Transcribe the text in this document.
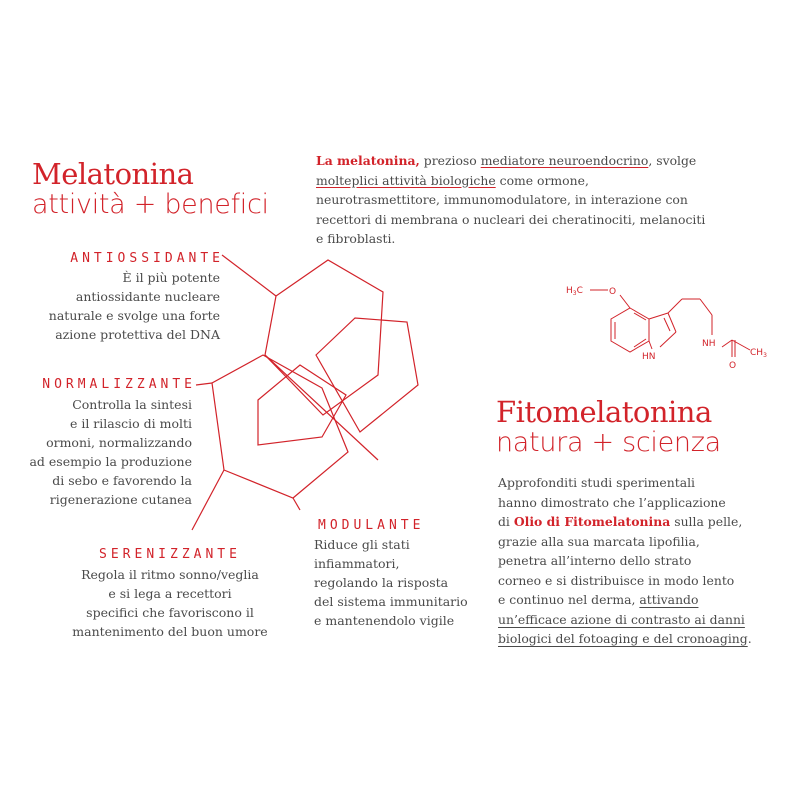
Melatonina
attività + benefici
La melatonina, prezioso mediatore neuroendocrino, svolge molteplici attività biologiche come ormone, neurotrasmettitore, immunomodulatore, in interazione con recettori di membrana o nucleari dei cheratinociti, melanociti e fibroblasti.
ANTIOSSIDANTE
È il più potente
antiossidante nucleare
naturale e svolge una forte
azione protettiva del DNA
NORMALIZZANTE
Controlla la sintesi
e il rilascio di molti
ormoni, normalizzando
ad esempio la produzione
di sebo e favorendo la
rigenerazione cutanea
SERENIZZANTE
Regola il ritmo sonno/veglia
e si lega a recettori
specifici che favoriscono il
mantenimento del buon umore
MODULANTE
Riduce gli stati
infiammatori,
regolando la risposta
del sistema immunitario
e mantenendolo vigile
$H_3C$	O
HN
NH
O
$CH_3$
Fitomelatonina
natura + scienza
Approfonditi studi sperimentali
hanno dimostrato che l’applicazione
di Olio di Fitomelatonina sulla pelle,
grazie alla sua marcata lipofilia,
penetra all’interno dello strato
corneo e si distribuisce in modo lento
e continuo nel derma, attivando
un’efficace azione di contrasto ai danni
biologici del fotoaging e del cronoaging.
